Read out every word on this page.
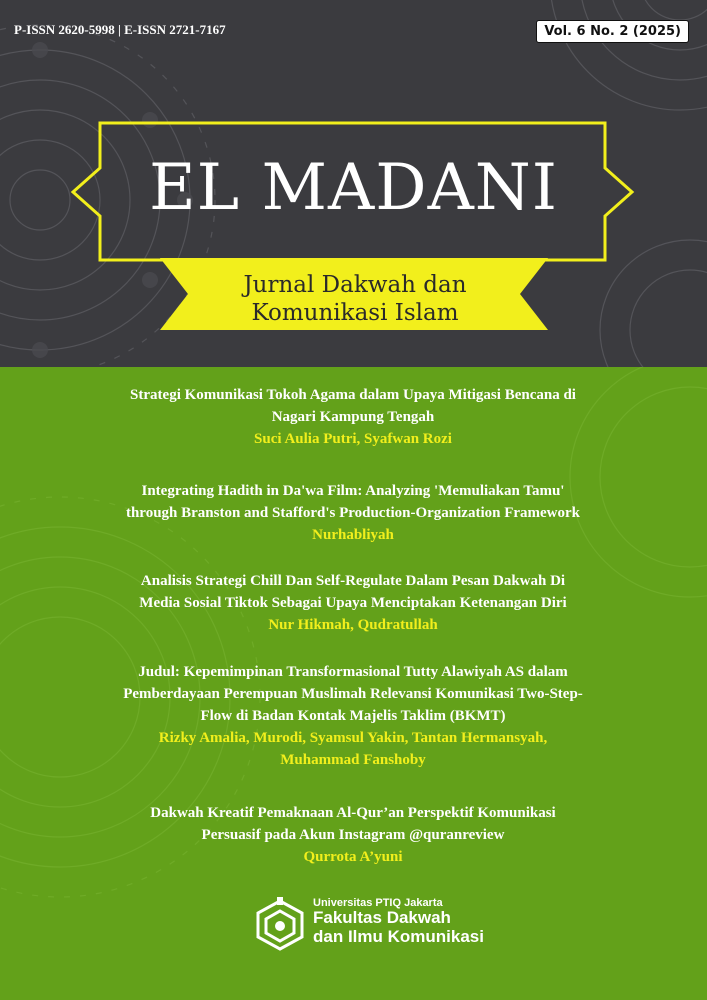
P-ISSN 2620-5998 | E-ISSN 2721-7167	Vol. 6 No. 2 (2025)
EL MADANI
Jurnal Dakwah dan
Komunikasi Islam
Strategi Komunikasi Tokoh Agama dalam Upaya Mitigasi Bencana di
Nagari Kampung Tengah
Suci Aulia Putri, Syafwan Rozi
Integrating Hadith in Da'wa Film: Analyzing 'Memuliakan Tamu'
through Branston and Stafford's Production-Organization Framework
Nurhabliyah
Analisis Strategi Chill Dan Self-Regulate Dalam Pesan Dakwah Di
Media Sosial Tiktok Sebagai Upaya Menciptakan Ketenangan Diri
Nur Hikmah, Qudratullah
Judul: Kepemimpinan Transformasional Tutty Alawiyah AS dalam
Pemberdayaan Perempuan Muslimah Relevansi Komunikasi Two-Step-
Flow di Badan Kontak Majelis Taklim (BKMT)
Rizky Amalia, Murodi, Syamsul Yakin, Tantan Hermansyah,
Muhammad Fanshoby
Dakwah Kreatif Pemaknaan Al-Qur’an Perspektif Komunikasi
Persuasif pada Akun Instagram @quranreview
Qurrota A’yuni
Universitas PTIQ Jakarta
Fakultas Dakwah
dan Ilmu Komunikasi
